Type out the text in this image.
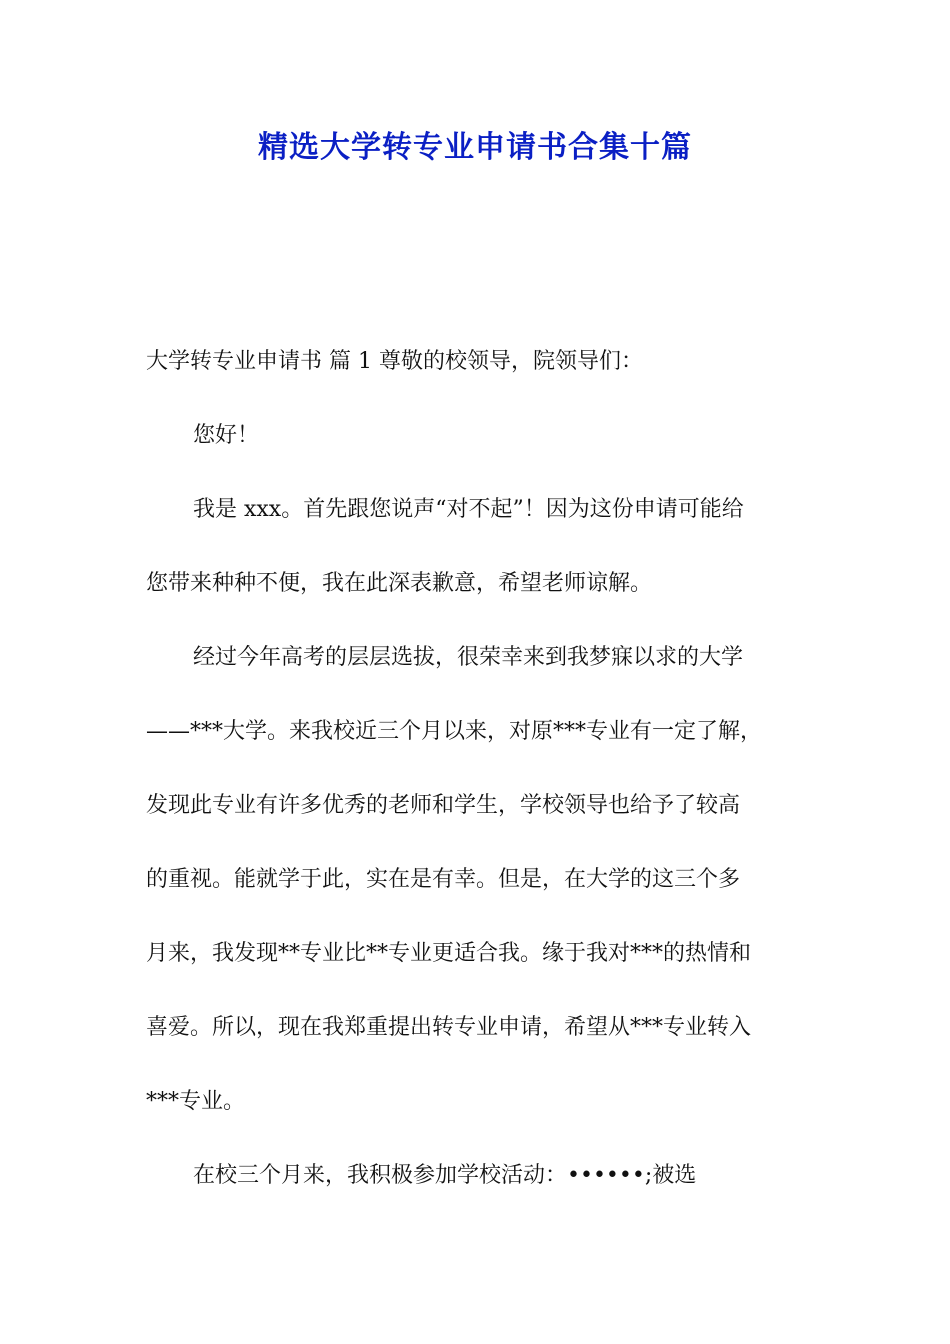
精选大学转专业申请书合集十篇
大学转专业申请书 篇 1 尊敬的校领导，院领导们：
您好！
我是 xxx。首先跟您说声“对不起”！因为这份申请可能给
您带来种种不便，我在此深表歉意，希望老师谅解。
经过今年高考的层层选拔，很荣幸来到我梦寐以求的大学
——***大学。来我校近三个月以来，对原***专业有一定了解，
发现此专业有许多优秀的老师和学生，学校领导也给予了较高
的重视。能就学于此，实在是有幸。但是，在大学的这三个多
月来，我发现**专业比**专业更适合我。缘于我对***的热情和
喜爱。所以，现在我郑重提出转专业申请，希望从***专业转入
***专业。
在校三个月来，我积极参加学校活动：••••••;被选
